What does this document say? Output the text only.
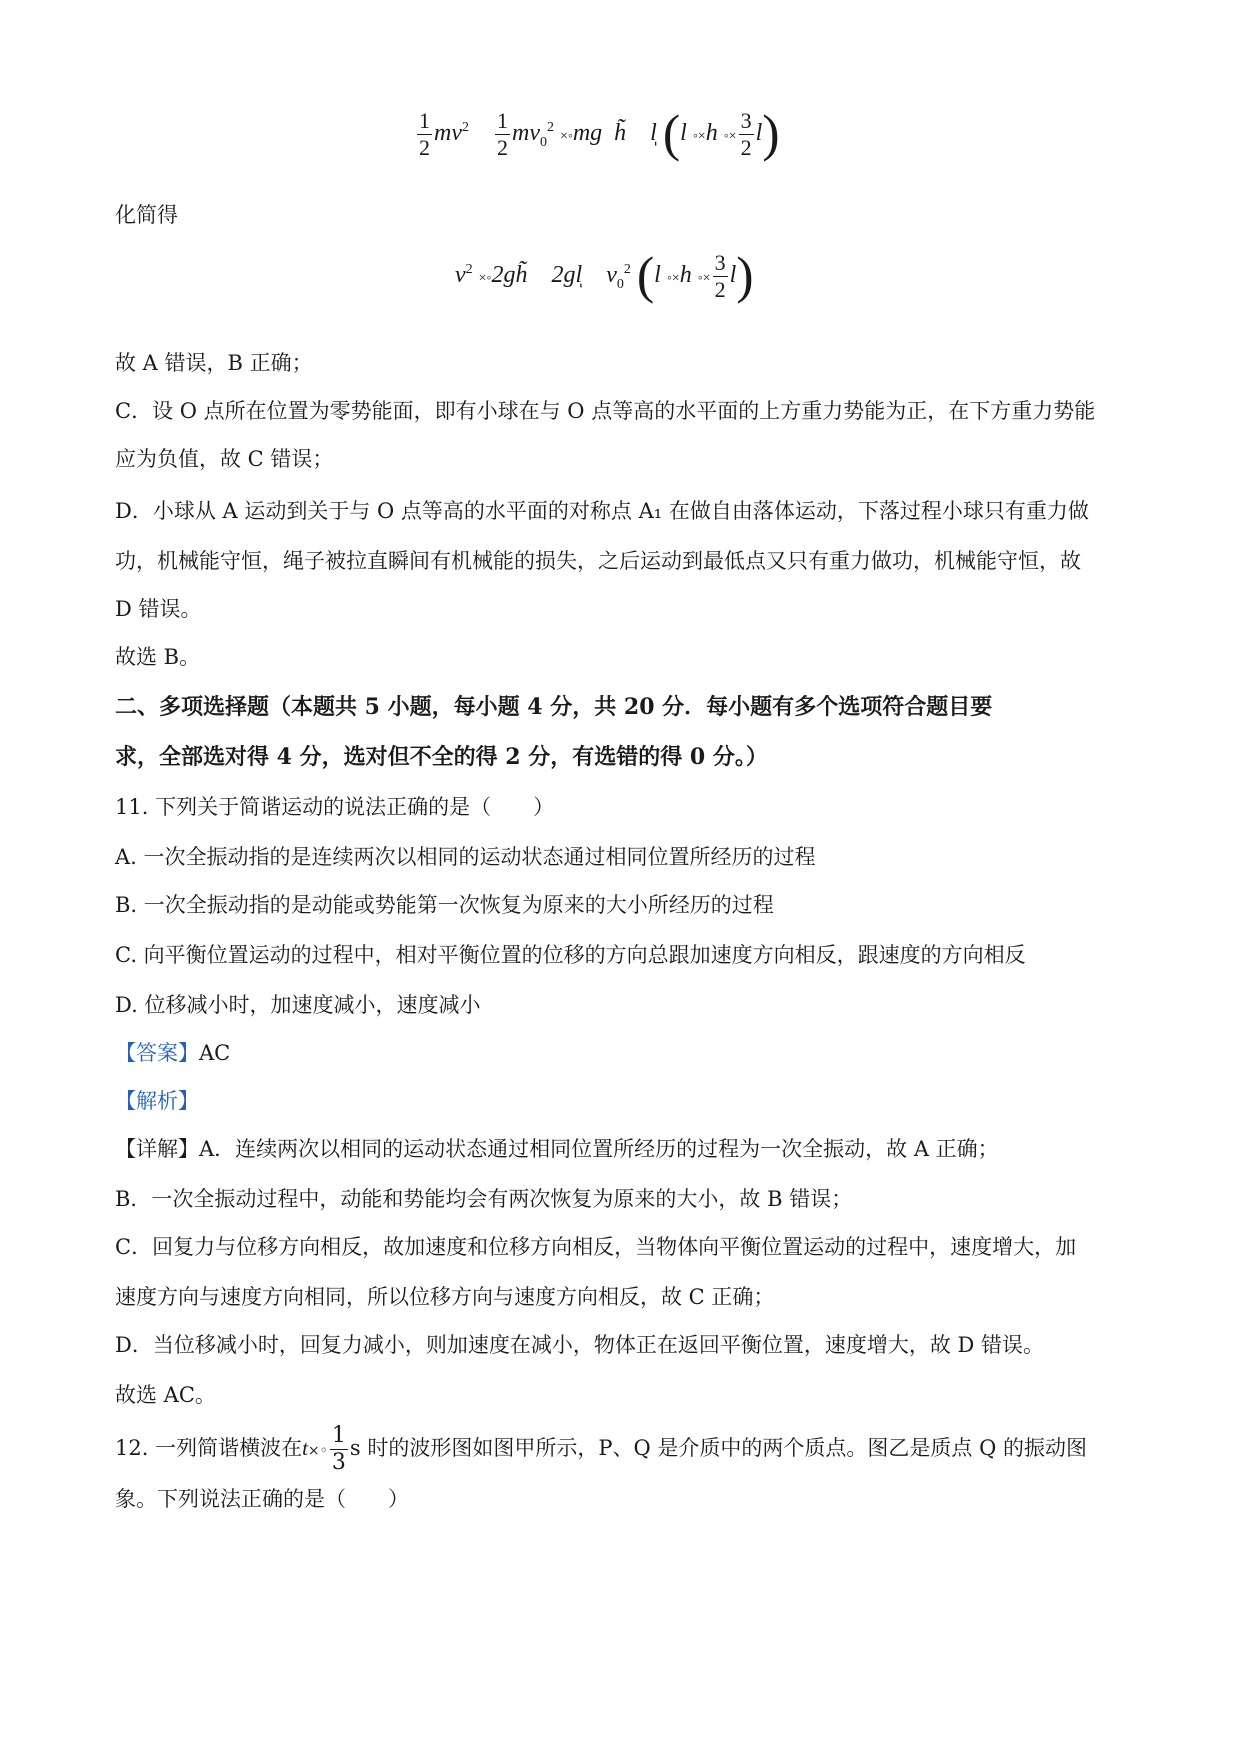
$\frac{1}{2} mv^2 \frac{1}{2} mv_0^2$ ×◦mg h̃ l̩ (l ◦×h ◦× $\frac{3}{2} l$)
化简得
$v^2$ ×◦2gh̃ 2gl̩ $v_0^2$ (l ◦×h ◦× $\frac{3}{2} l$)
故 A 错误，B 正确；
C．设 O 点所在位置为零势能面，即有小球在与 O 点等高的水平面的上方重力势能为正，在下方重力势能
应为负值，故 C 错误；
D．小球从 A 运动到关于与 O 点等高的水平面的对称点 A₁ 在做自由落体运动，下落过程小球只有重力做
功，机械能守恒，绳子被拉直瞬间有机械能的损失，之后运动到最低点又只有重力做功，机械能守恒，故
D 错误。
故选 B。
二、多项选择题（本题共 5 小题，每小题 4 分，共 20 分．每小题有多个选项符合题目要
求，全部选对得 4 分，选对但不全的得 2 分，有选错的得 0 分。）
11. 下列关于简谐运动的说法正确的是（　　）
A. 一次全振动指的是连续两次以相同的运动状态通过相同位置所经历的过程
B. 一次全振动指的是动能或势能第一次恢复为原来的大小所经历的过程
C. 向平衡位置运动的过程中，相对平衡位置的位移的方向总跟加速度方向相反，跟速度的方向相反
D. 位移减小时，加速度减小，速度减小
【答案】AC
【解析】
【详解】A．连续两次以相同的运动状态通过相同位置所经历的过程为一次全振动，故 A 正确；
B．一次全振动过程中，动能和势能均会有两次恢复为原来的大小，故 B 错误；
C．回复力与位移方向相反，故加速度和位移方向相反，当物体向平衡位置运动的过程中，速度增大，加
速度方向与速度方向相同，所以位移方向与速度方向相反，故 C 正确；
D．当位移减小时，回复力减小，则加速度在减小，物体正在返回平衡位置，速度增大，故 D 错误。
故选 AC。
12. 一列简谐横波在t×◦ $\frac{1}{3}$ s 时的波形图如图甲所示，P、Q 是介质中的两个质点。图乙是质点 Q 的振动图
象。下列说法正确的是（　　）
